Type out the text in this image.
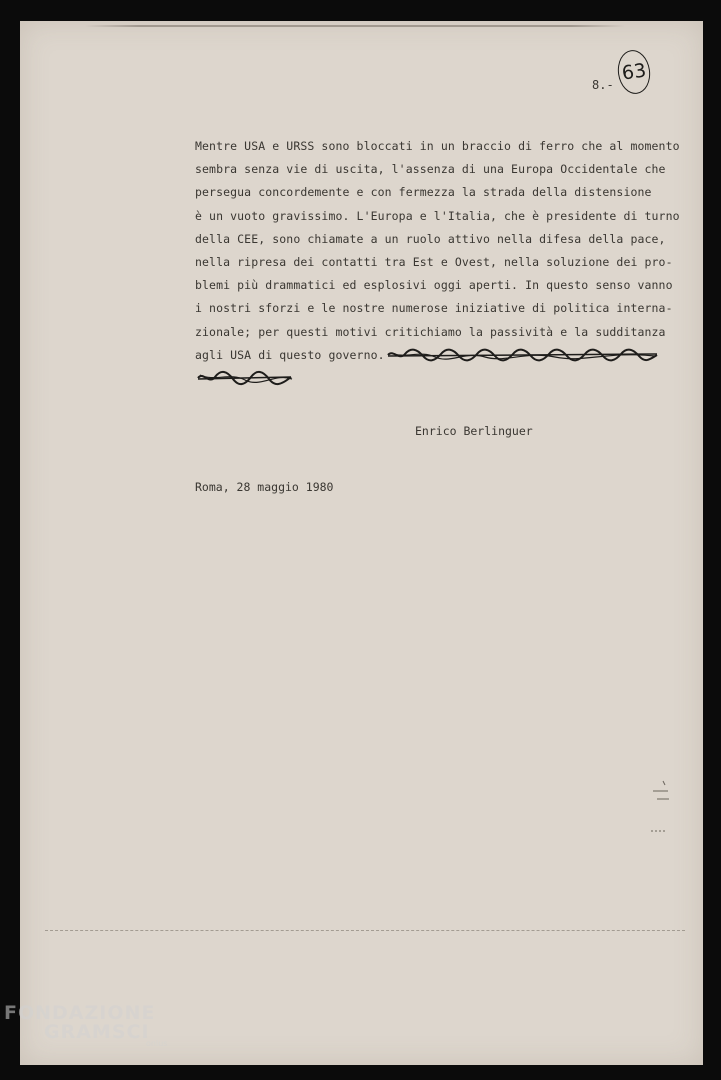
8.-
63
Mentre USA e URSS sono bloccati in un braccio di ferro che al momento
sembra senza vie di uscita, l'assenza di una Europa Occidentale che
persegua concordemente e con fermezza la strada della distensione
è un vuoto gravissimo. L'Europa e l'Italia, che è presidente di turno
della CEE, sono chiamate a un ruolo attivo nella difesa della pace,
nella ripresa dei contatti tra Est e Ovest, nella soluzione dei pro-
blemi più drammatici ed esplosivi oggi aperti. In questo senso vanno
i nostri sforzi e le nostre numerose iniziative di politica interna-
zionale; per questi motivi critichiamo la passività e la sudditanza
agli USA di questo governo.
Enrico Berlinguer
Roma, 28 maggio 1980
FONDAZIONE
GRAMSCI
onlus
